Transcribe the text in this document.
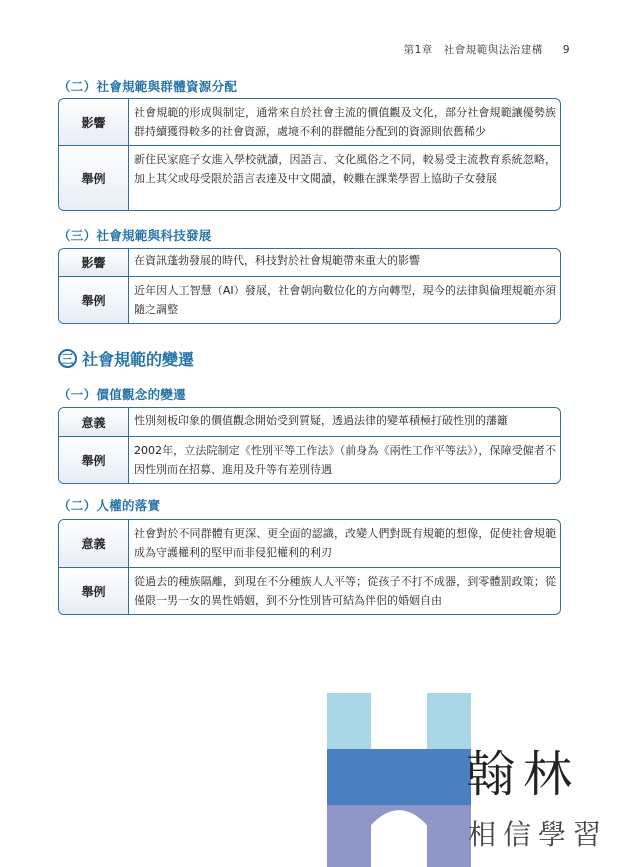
第1章　社會規範與法治建構 9
（二）社會規範與群體資源分配
影響
社會規範的形成與制定，通常來自於社會主流的價值觀及文化，部分社會規範讓優勢族群持續獲得較多的社會資源，處境不利的群體能分配到的資源則依舊稀少
舉例
新住民家庭子女進入學校就讀，因語言、文化風俗之不同，較易受主流教育系統忽略，加上其父或母受限於語言表達及中文閱讀，較難在課業學習上協助子女發展
（三）社會規範與科技發展
影響	在資訊蓬勃發展的時代，科技對於社會規範帶來重大的影響
舉例
近年因人工智慧（AI）發展，社會朝向數位化的方向轉型，現今的法律與倫理規範亦須隨之調整
三 社會規範的變遷
（一）價值觀念的變遷
意義	性別刻板印象的價值觀念開始受到質疑，透過法律的變革積極打破性別的藩籬
舉例
2002年，立法院制定《性別平等工作法》（前身為《兩性工作平等法》），保障受僱者不因性別而在招募、進用及升等有差別待遇
（二）人權的落實
意義
社會對於不同群體有更深、更全面的認識，改變人們對既有規範的想像，促使社會規範成為守護權利的堅甲而非侵犯權利的利刃
舉例
從過去的種族隔離，到現在不分種族人人平等；從孩子不打不成器，到零體罰政策；從僅限一男一女的異性婚姻，到不分性別皆可結為伴侶的婚姻自由
翰林
相信學習
